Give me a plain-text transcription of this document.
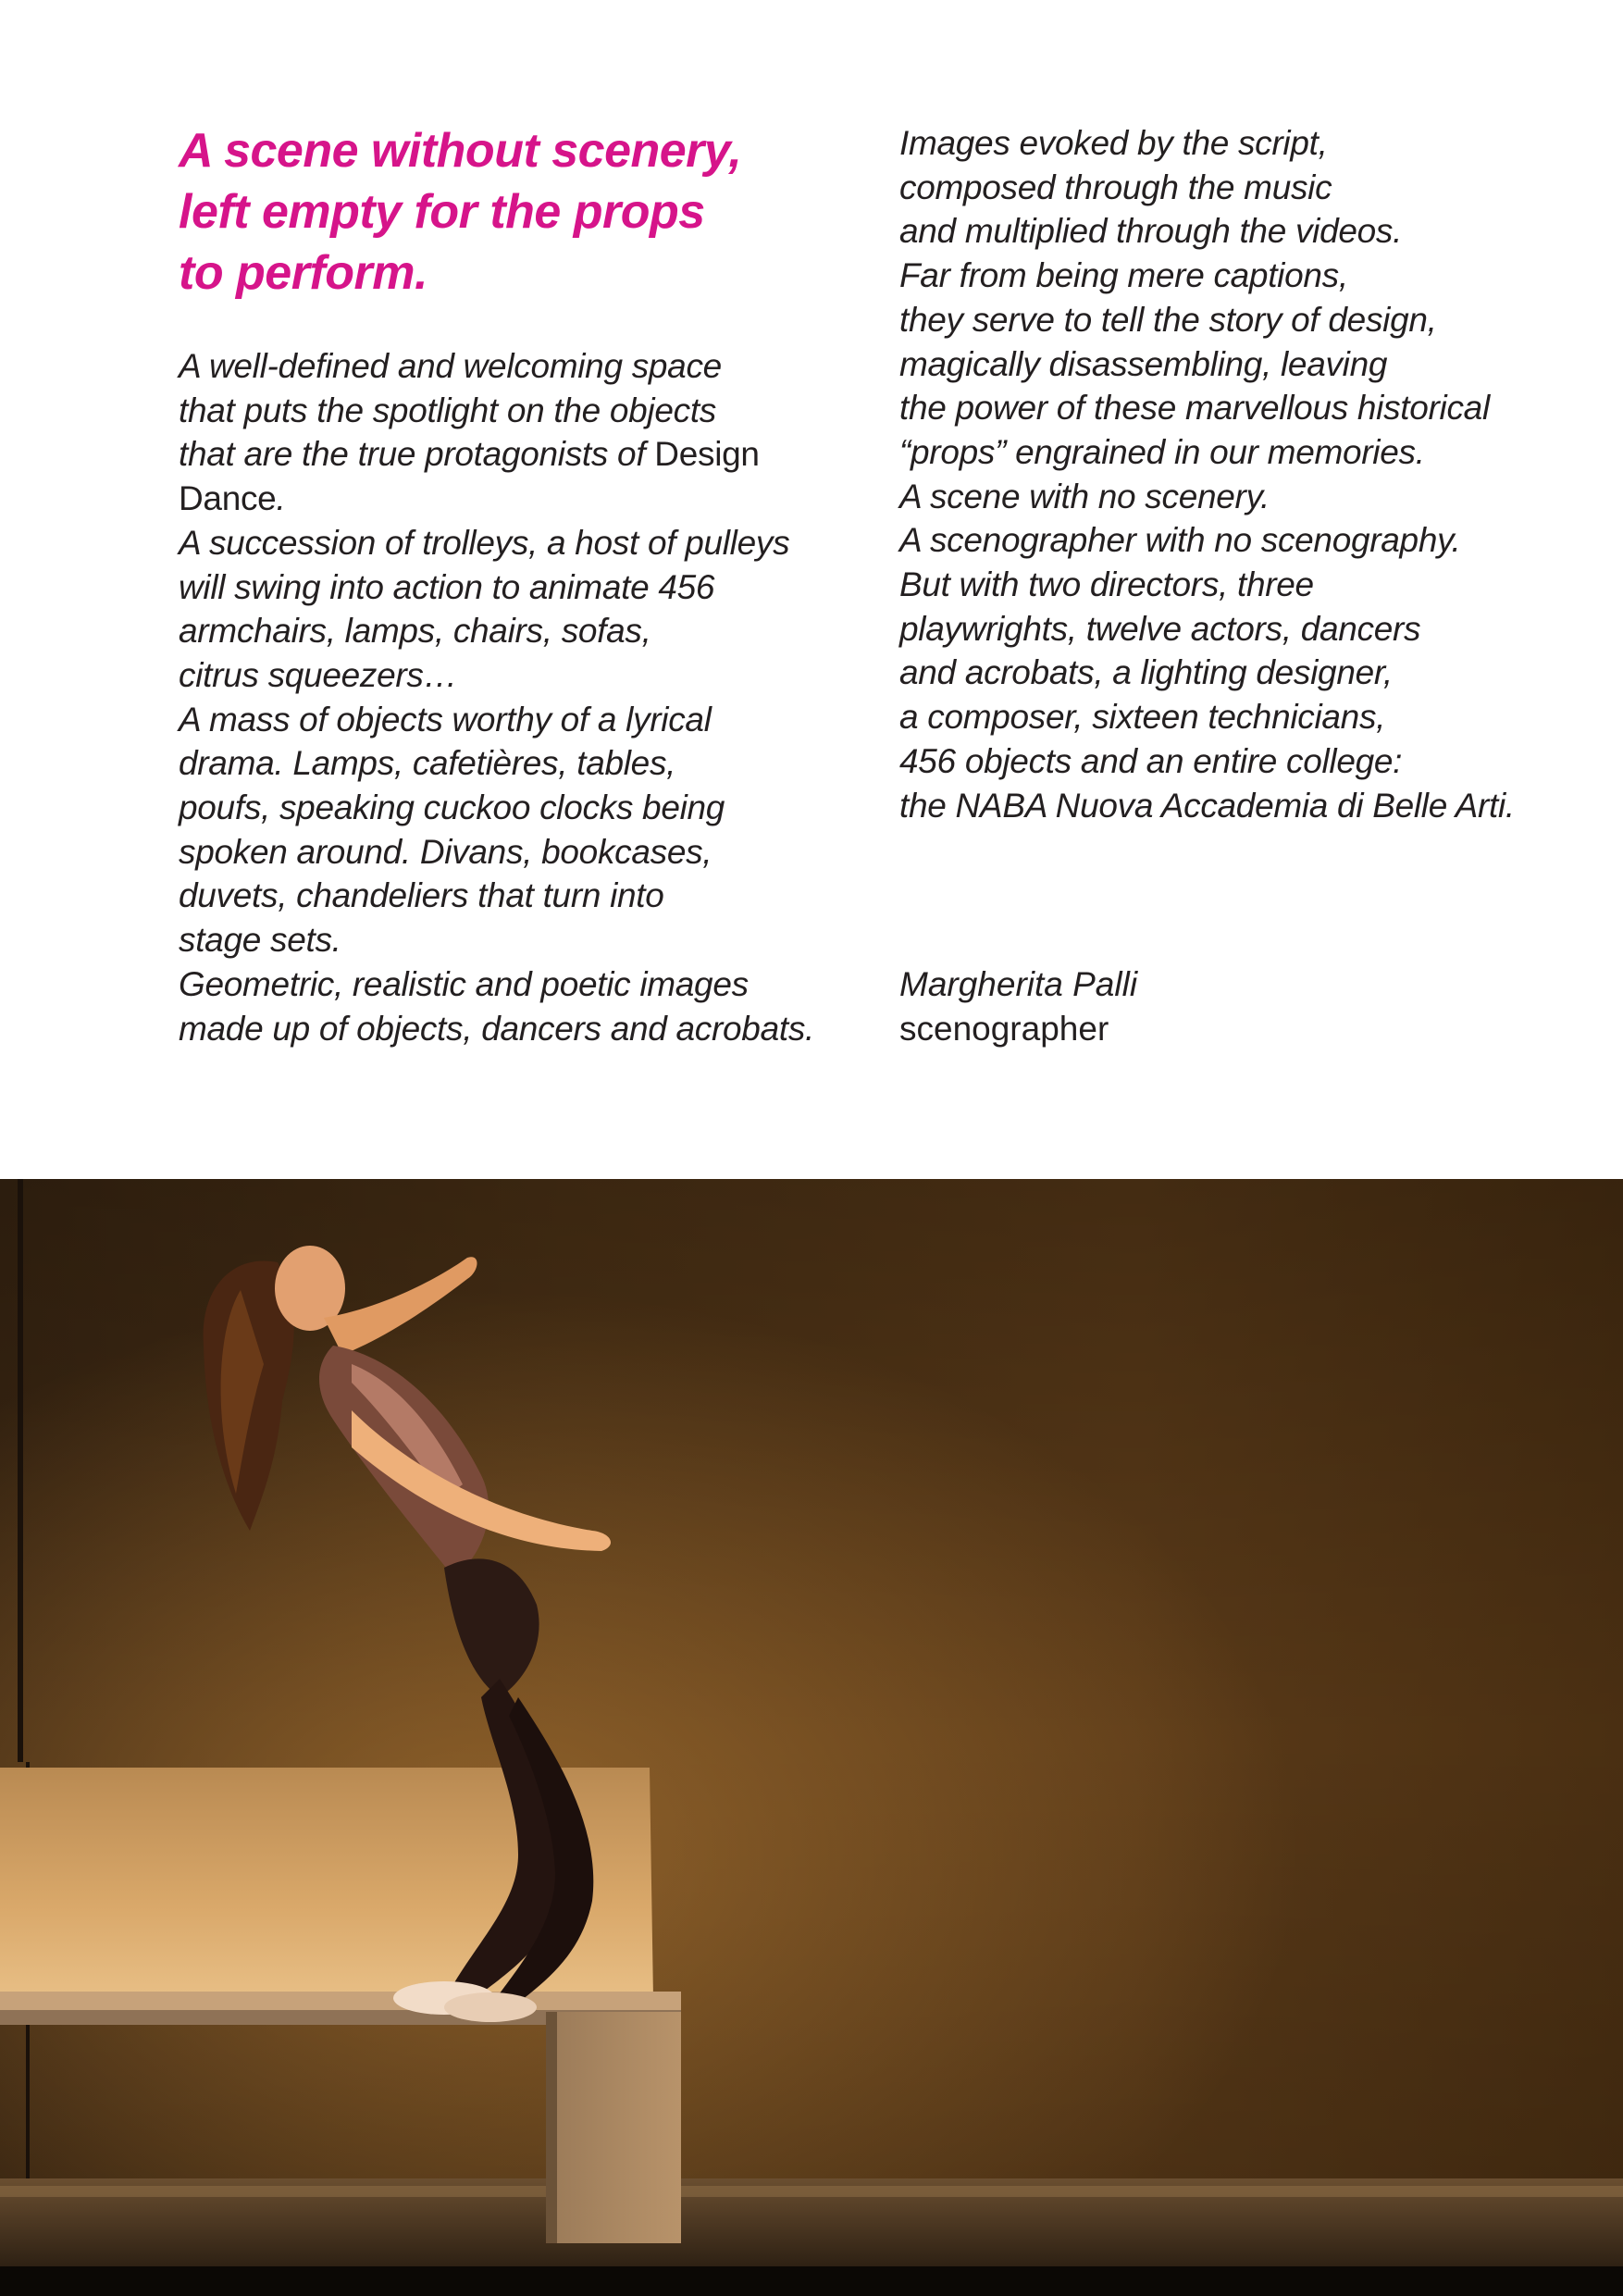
A scene without scenery,
left empty for the props
to perform.
A well-defined and welcoming space
that puts the spotlight on the objects
that are the true protagonists of Design
Dance.
A succession of trolleys, a host of pulleys
will swing into action to animate 456
armchairs, lamps, chairs, sofas,
citrus squeezers…
A mass of objects worthy of a lyrical
drama. Lamps, cafetières, tables,
poufs, speaking cuckoo clocks being
spoken around. Divans, bookcases,
duvets, chandeliers that turn into
stage sets.
Geometric, realistic and poetic images
made up of objects, dancers and acrobats.
Images evoked by the script,
composed through the music
and multiplied through the videos.
Far from being mere captions,
they serve to tell the story of design,
magically disassembling, leaving
the power of these marvellous historical
“props” engrained in our memories.
A scene with no scenery.
A scenographer with no scenography.
But with two directors, three
playwrights, twelve actors, dancers
and acrobats, a lighting designer,
a composer, sixteen technicians,
456 objects and an entire college:
the NABA Nuova Accademia di Belle Arti.
Margherita Palli
scenographer
